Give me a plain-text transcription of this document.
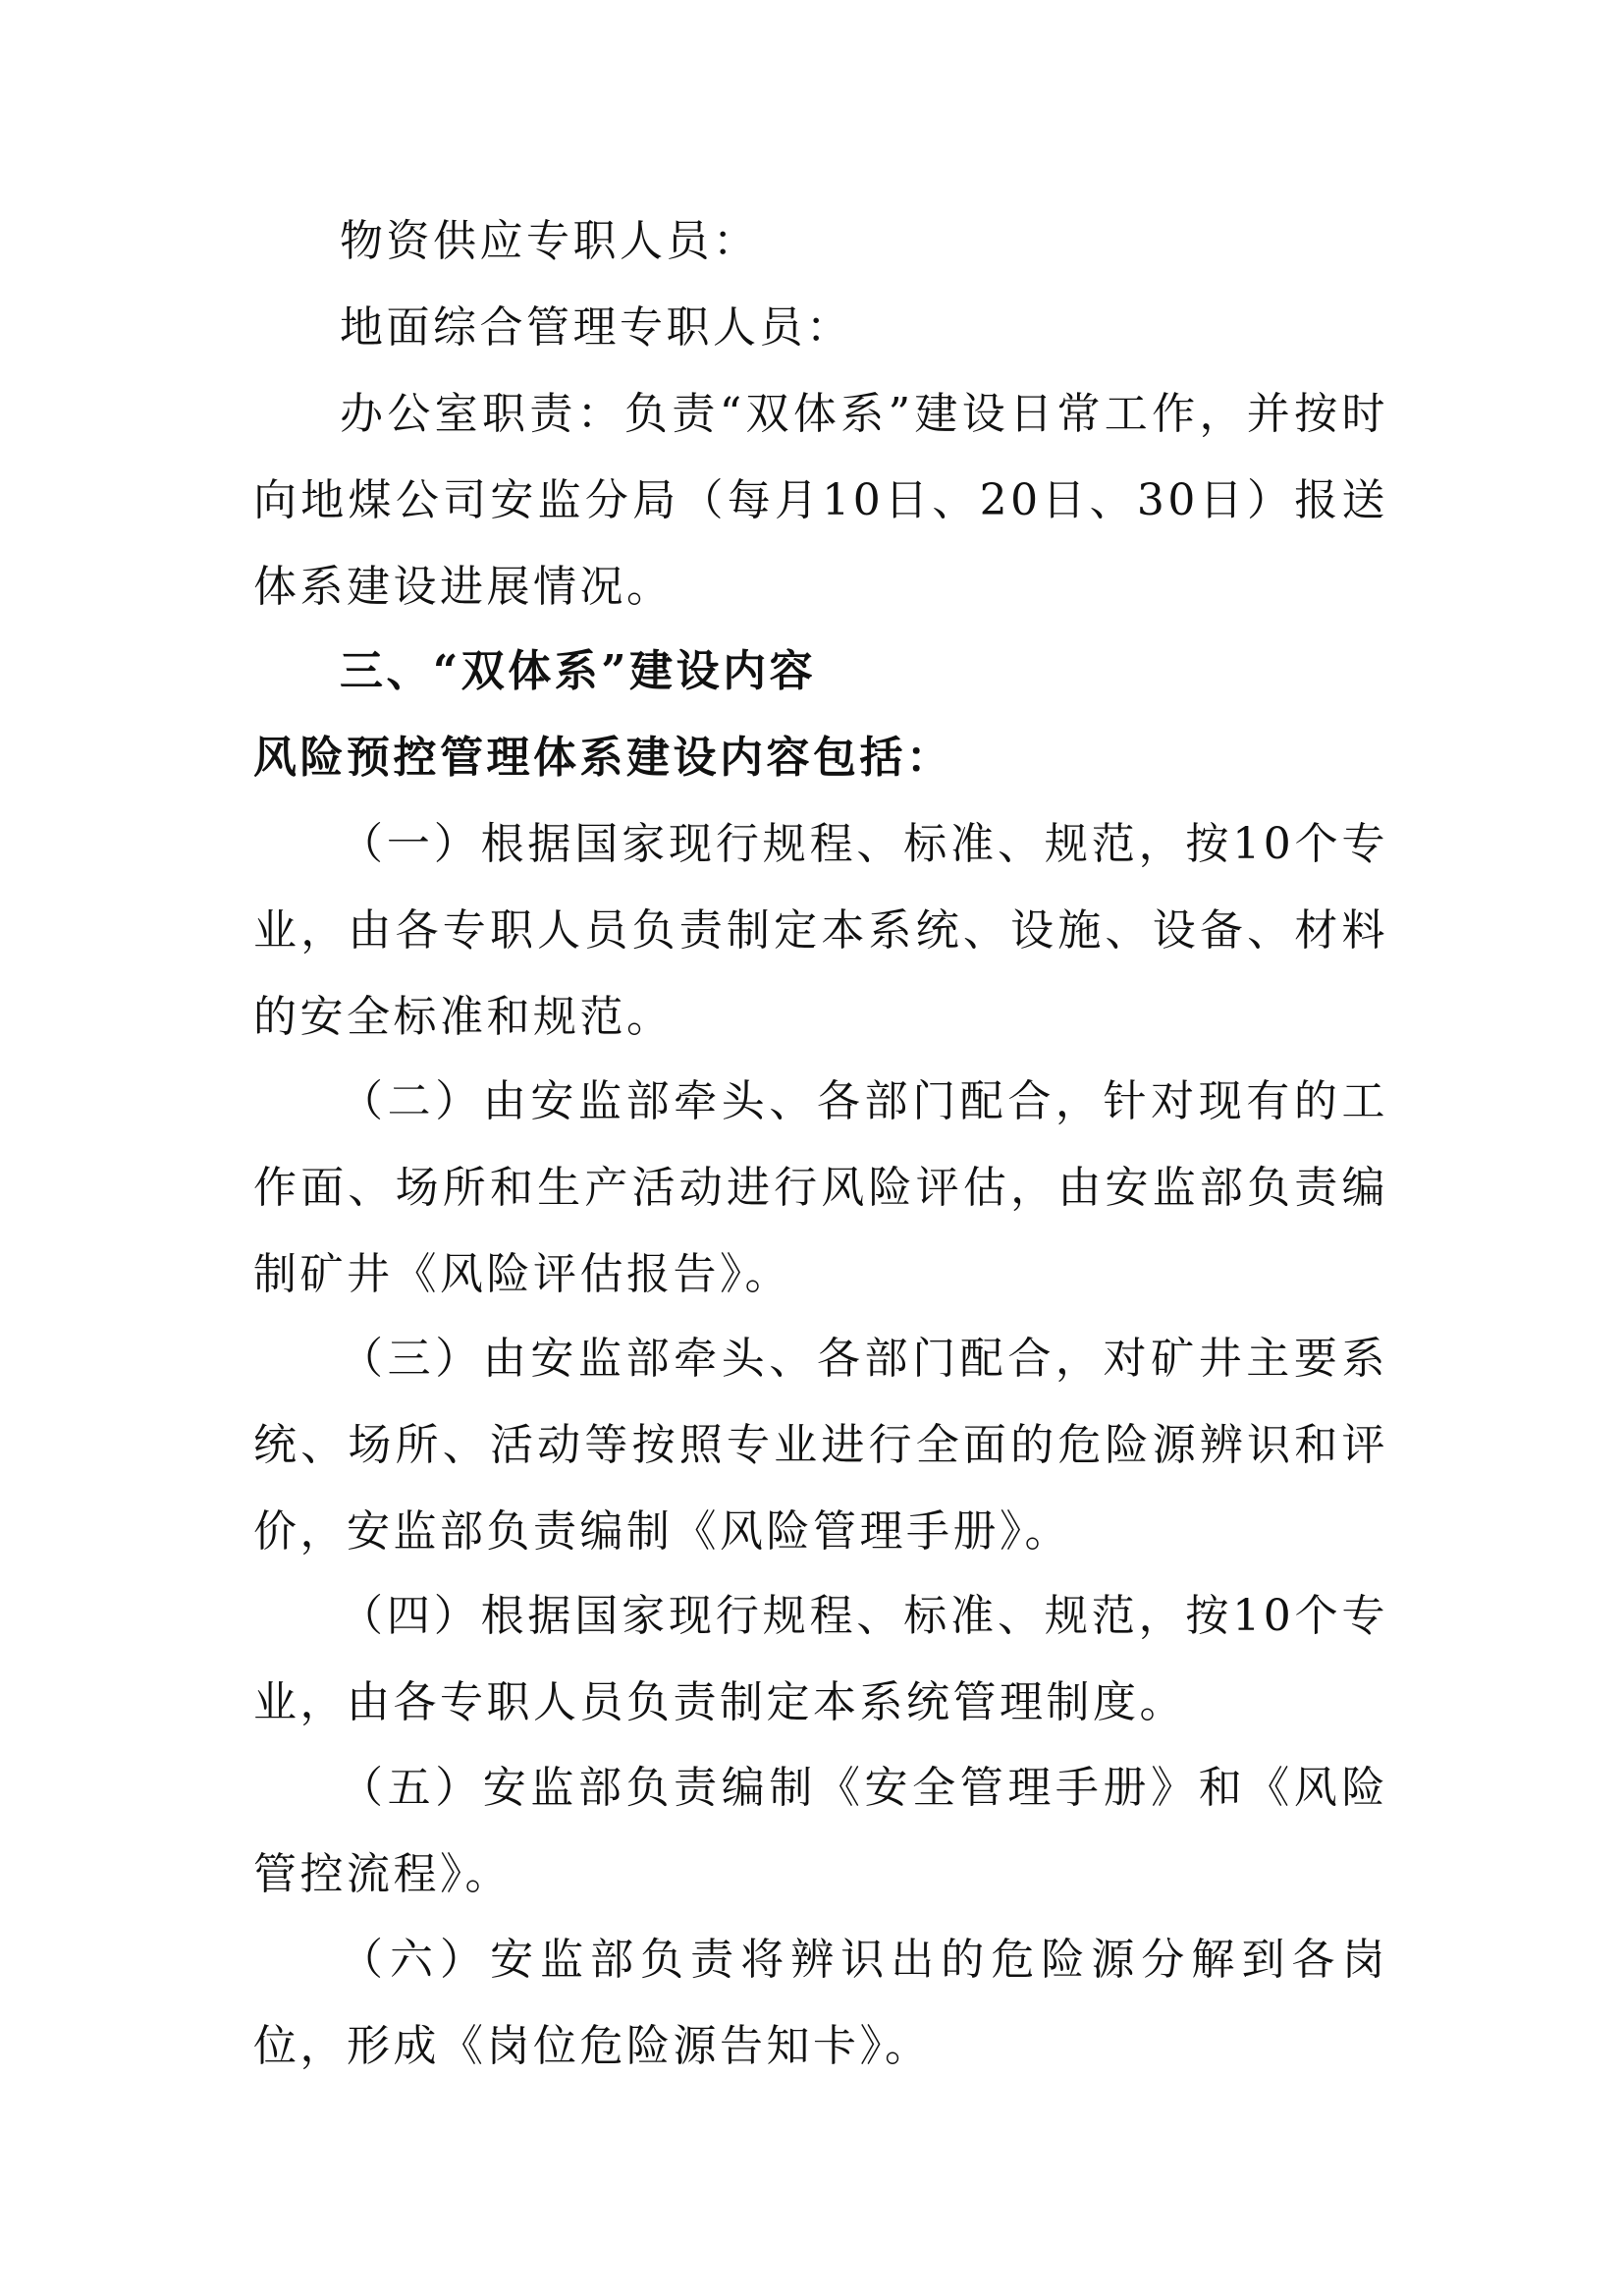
物资供应专职人员：

地面综合管理专职人员：

办公室职责：负责“双体系”建设日常工作，并按时向地煤公司安监分局（每月10日、20日、30日）报送体系建设进展情况。

三、“双体系”建设内容

风险预控管理体系建设内容包括：

（一）根据国家现行规程、标准、规范，按10个专业，由各专职人员负责制定本系统、设施、设备、材料的安全标准和规范。

（二）由安监部牵头、各部门配合，针对现有的工作面、场所和生产活动进行风险评估，由安监部负责编制矿井《风险评估报告》。

（三）由安监部牵头、各部门配合，对矿井主要系统、场所、活动等按照专业进行全面的危险源辨识和评价，安监部负责编制《风险管理手册》。

（四）根据国家现行规程、标准、规范，按10个专业，由各专职人员负责制定本系统管理制度。

（五）安监部负责编制《安全管理手册》和《风险管控流程》。

（六）安监部负责将辨识出的危险源分解到各岗位，形成《岗位危险源告知卡》。
